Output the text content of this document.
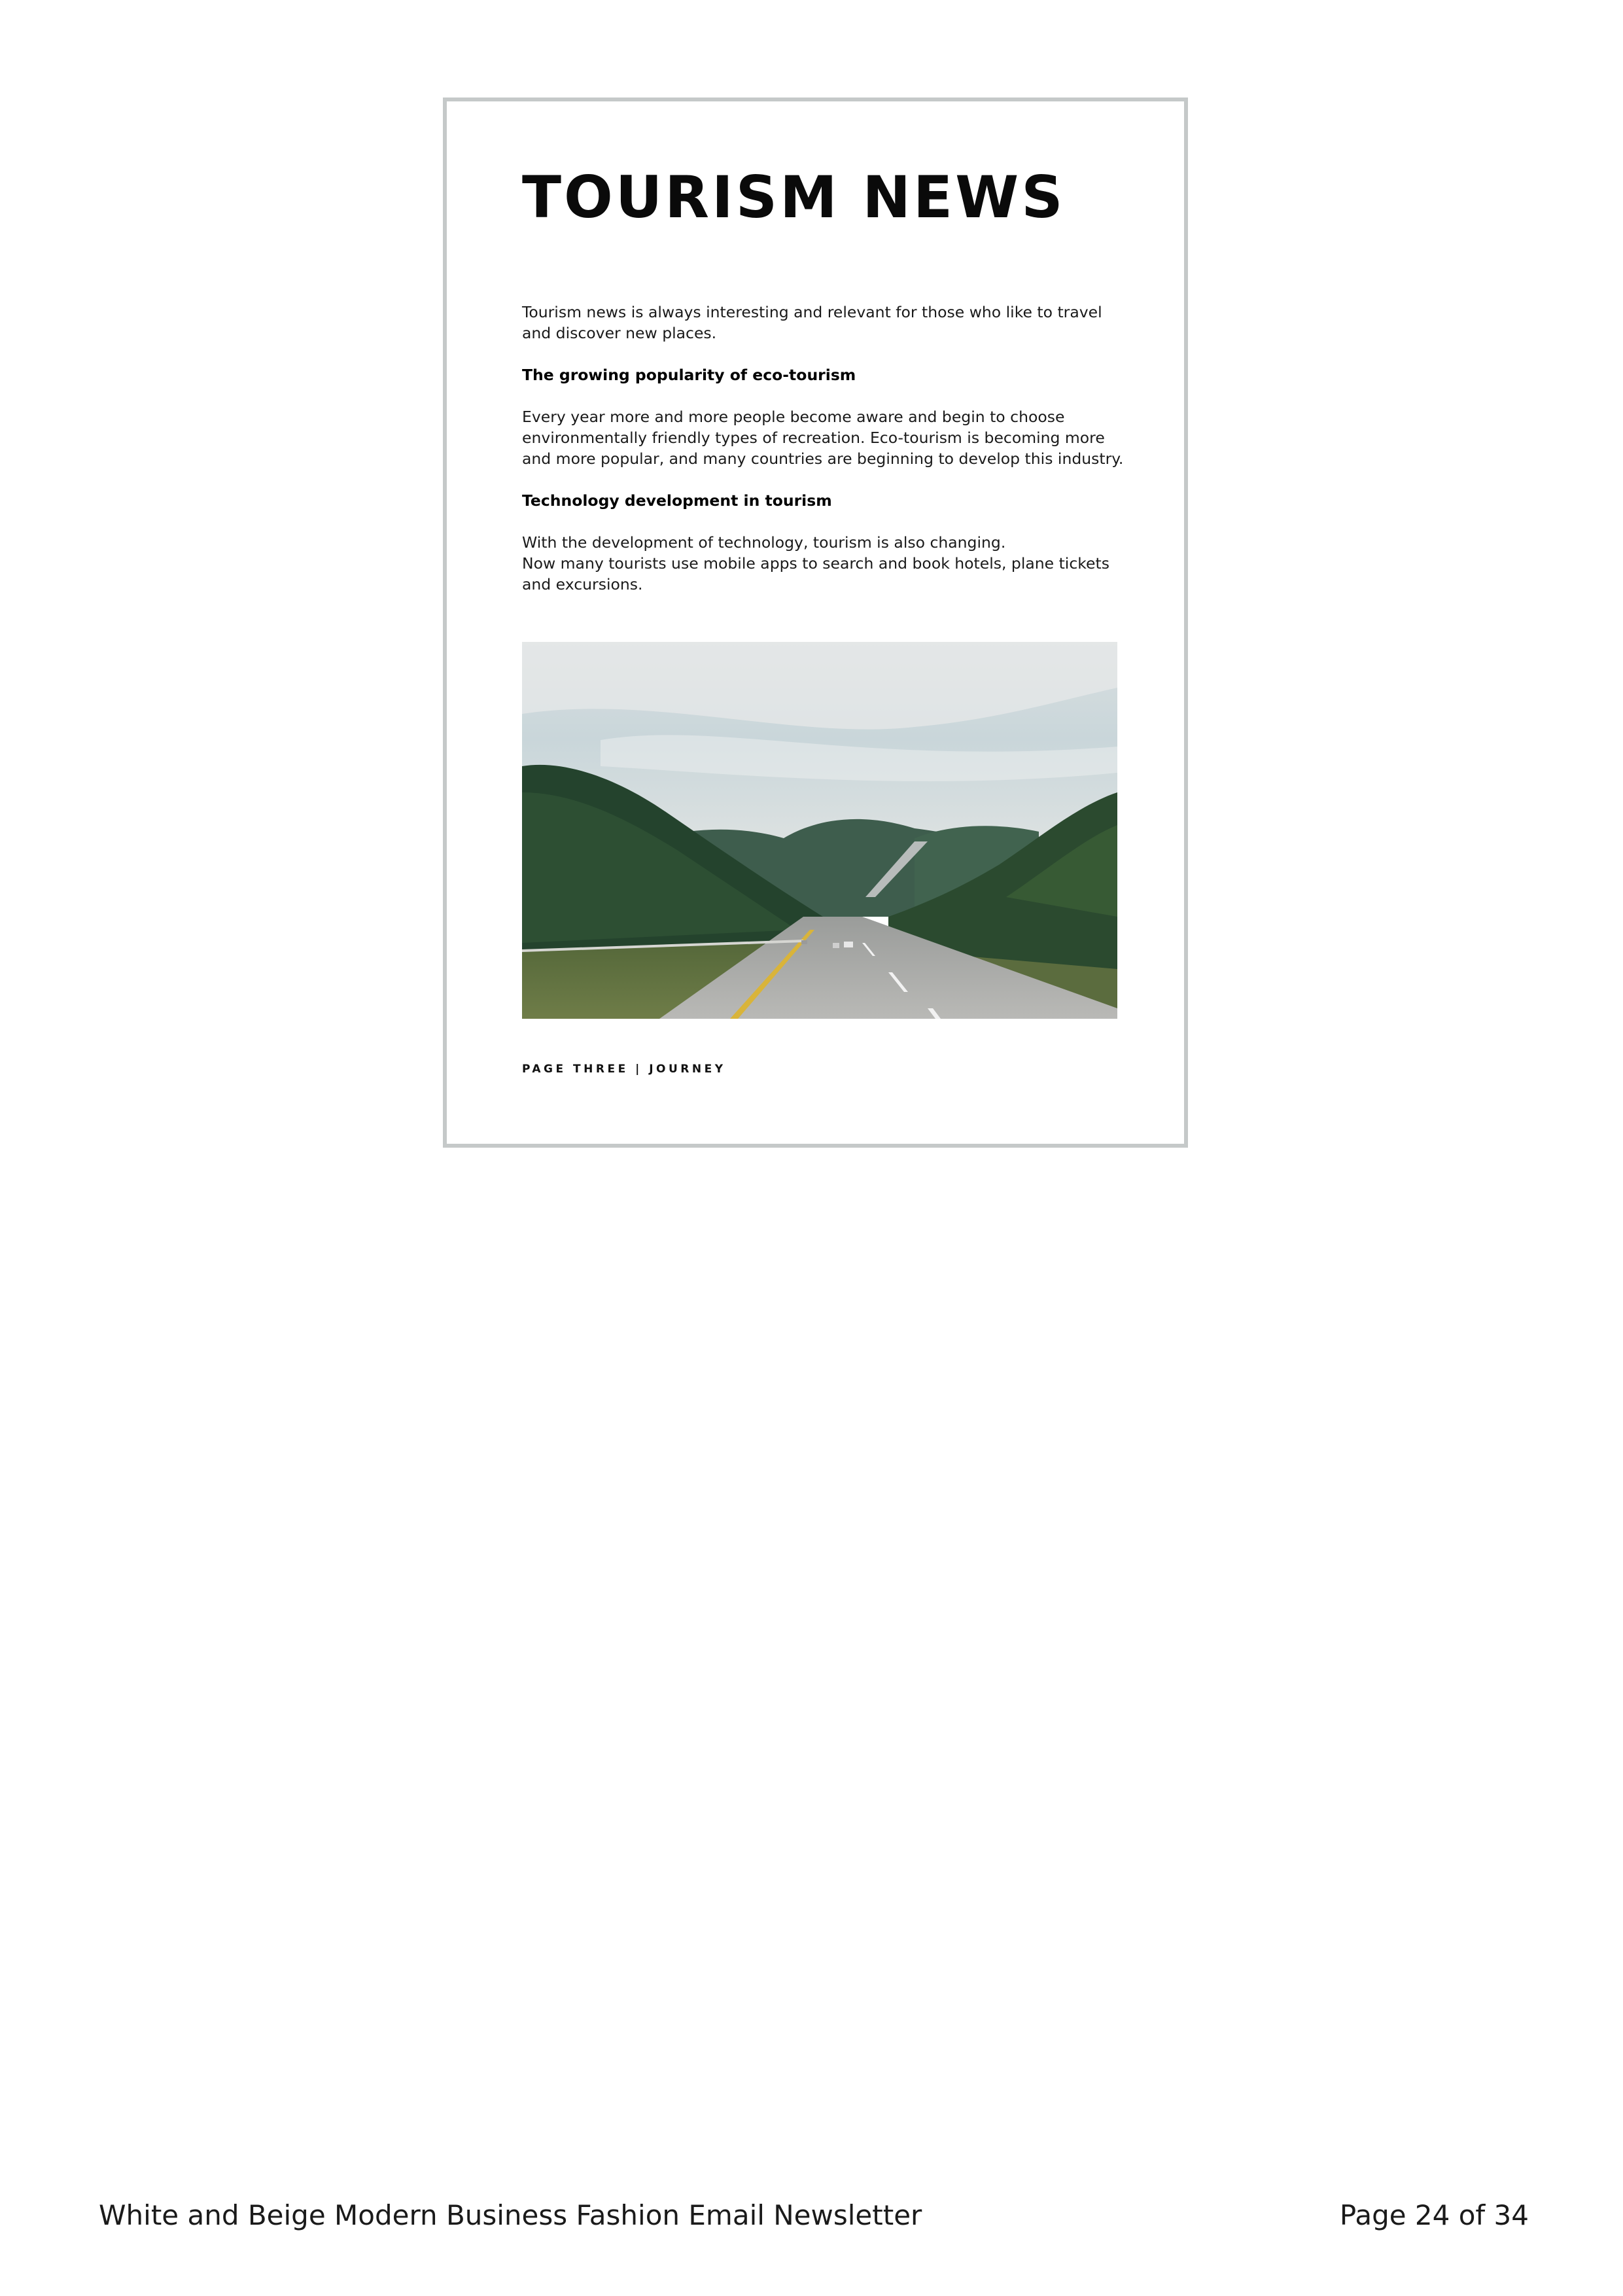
TOURISM NEWS

Tourism news is always interesting and relevant for those who like to travel and discover new places.

The growing popularity of eco-tourism

Every year more and more people become aware and begin to choose environmentally friendly types of recreation. Eco-tourism is becoming more and more popular, and many countries are beginning to develop this industry.

Technology development in tourism

With the development of technology, tourism is also changing.

Now many tourists use mobile apps to search and book hotels, plane tickets and excursions.

PAGE THREE | JOURNEY
White and Beige Modern Business Fashion Email Newsletter	Page 24 of 34
